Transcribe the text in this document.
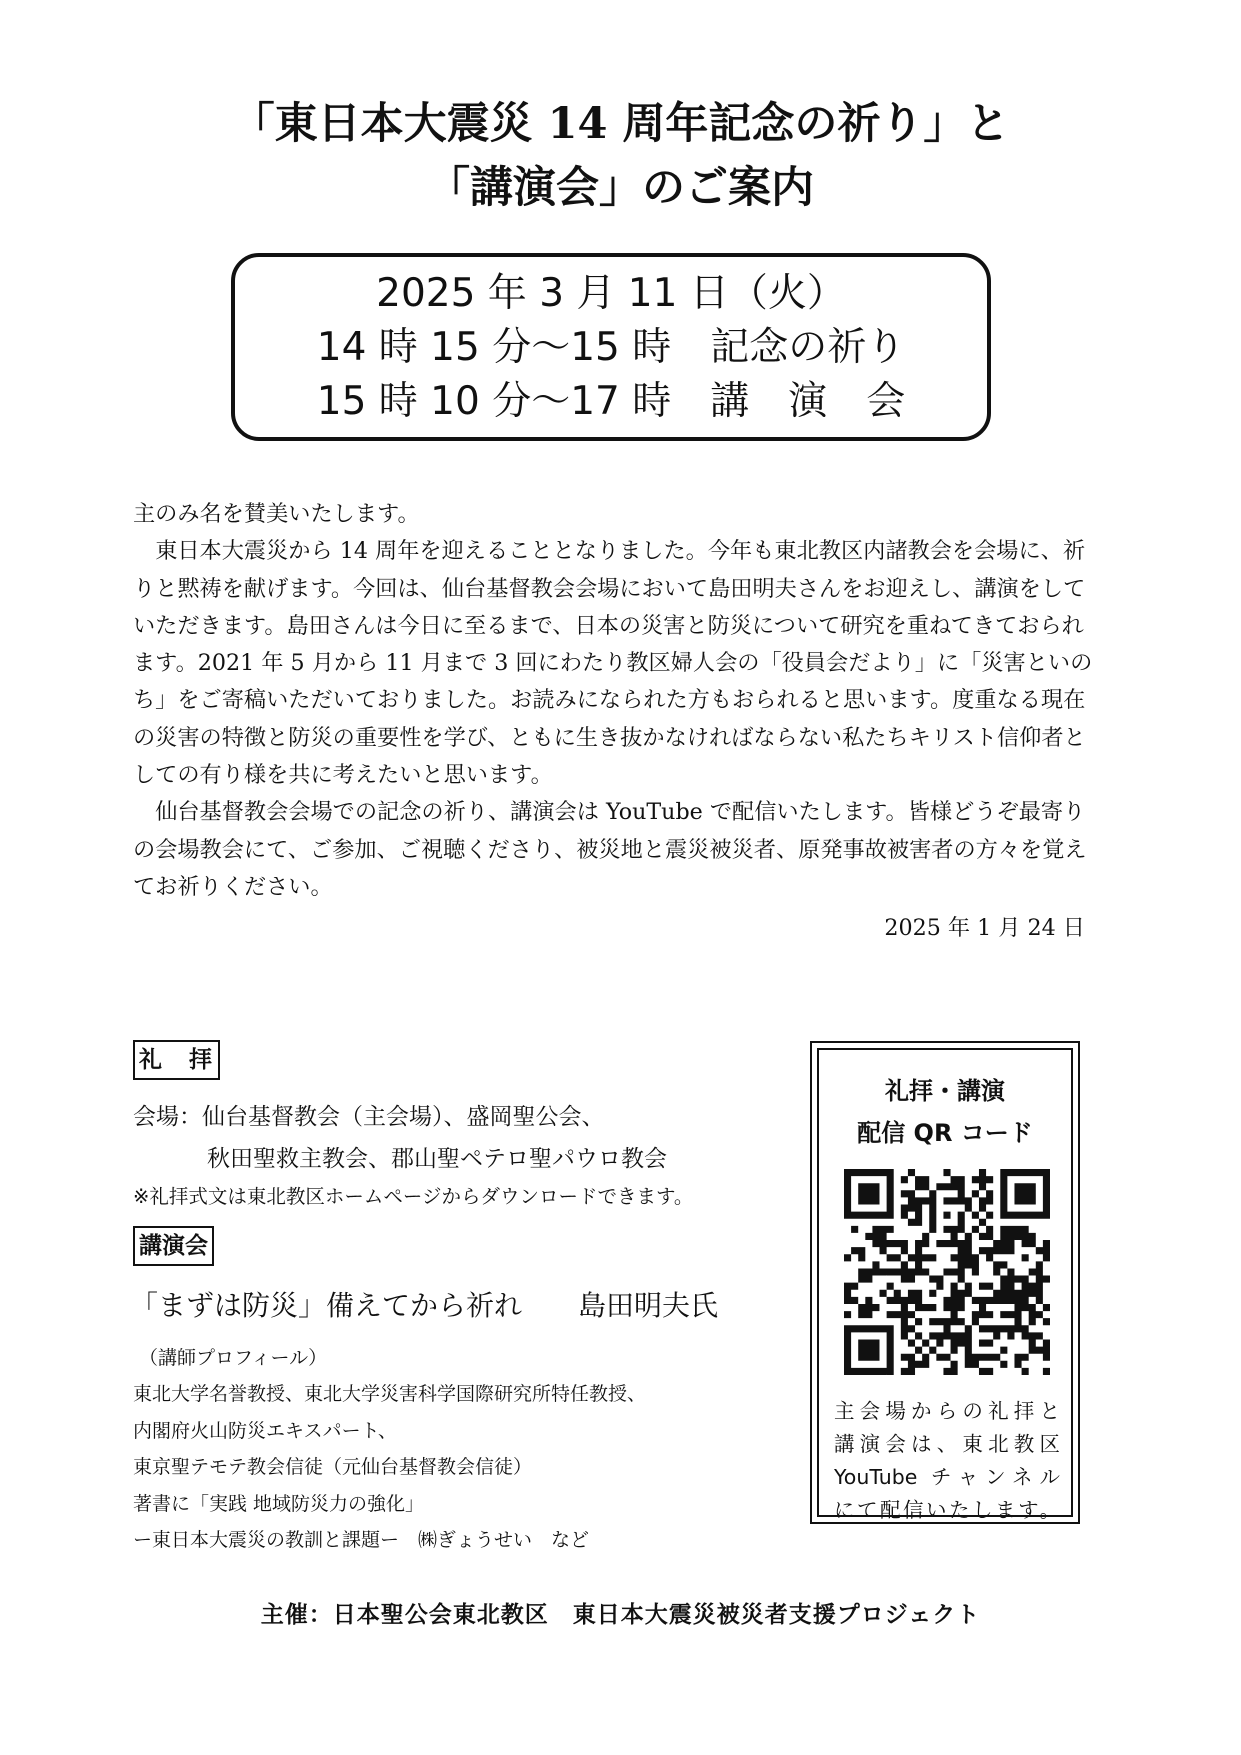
「東日本大震災 14 周年記念の祈り」と
「講演会」のご案内
2025 年 3 月 11 日（火）
14 時 15 分～15 時　記念の祈り
15 時 10 分～17 時　講　演　会

主のみ名を賛美いたします。

東日本大震災から 14 周年を迎えることとなりました。今年も東北教区内諸教会を会場に、祈りと黙祷を献げます。今回は、仙台基督教会会場において島田明夫さんをお迎えし、講演をしていただきます。島田さんは今日に至るまで、日本の災害と防災について研究を重ねてきておられます。2021 年 5 月から 11 月まで 3 回にわたり教区婦人会の「役員会だより」に「災害といのち」をご寄稿いただいておりました。お読みになられた方もおられると思います。度重なる現在の災害の特徴と防災の重要性を学び、ともに生き抜かなければならない私たちキリスト信仰者としての有り様を共に考えたいと思います。

仙台基督教会会場での記念の祈り、講演会は YouTube で配信いたします。皆様どうぞ最寄りの会場教会にて、ご参加、ご視聴くださり、被災地と震災被災者、原発事故被害者の方々を覚えてお祈りください。

2025 年 1 月 24 日

礼　拝
会場：仙台基督教会（主会場）、盛岡聖公会、
秋田聖救主教会、郡山聖ペテロ聖パウロ教会
※礼拝式文は東北教区ホームページからダウンロードできます。
講演会
「まずは防災」備えてから祈れ 島田明夫氏
（講師プロフィール）
東北大学名誉教授、東北大学災害科学国際研究所特任教授、
内閣府火山防災エキスパート、
東京聖テモテ教会信徒（元仙台基督教会信徒）
著書に「実践 地域防災力の強化」
ー東日本大震災の教訓と課題ー　㈱ぎょうせい　など
礼拝・講演
配信 QR コード
主会場からの礼拝と
講演会は、東北教区
YouTube チャンネル
にて配信いたします。
主催：日本聖公会東北教区　東日本大震災被災者支援プロジェクト
